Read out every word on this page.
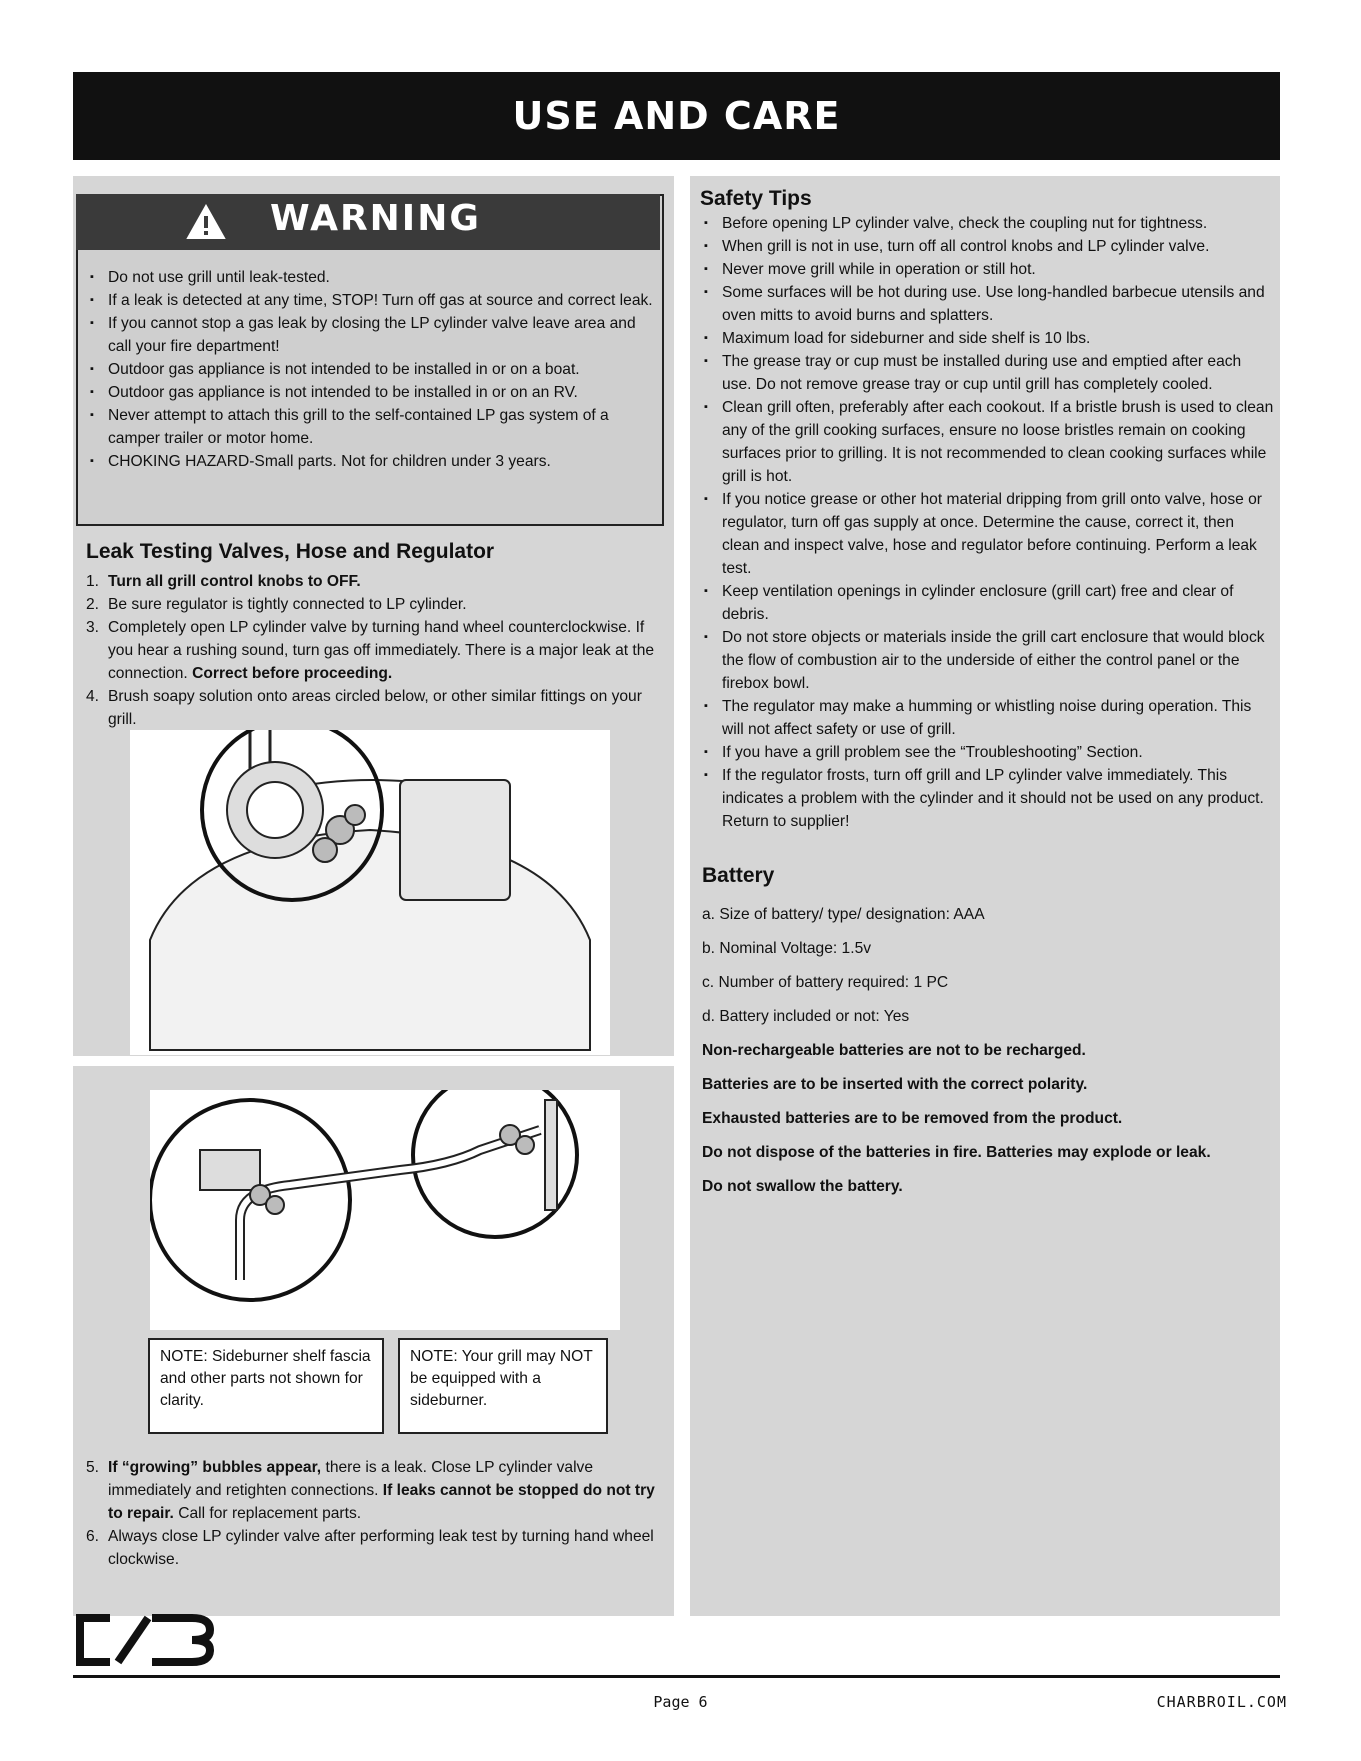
USE AND CARE
WARNING
▪ Do not use grill until leak-tested.
▪ If a leak is detected at any time, STOP! Turn off gas at source and correct leak.
▪ If you cannot stop a gas leak by closing the LP cylinder valve leave area and call your fire department!
▪ Outdoor gas appliance is not intended to be installed in or on a boat.
▪ Outdoor gas appliance is not intended to be installed in or on an RV.
▪ Never attempt to attach this grill to the self-contained LP gas system of a camper trailer or motor home.
▪ CHOKING HAZARD-Small parts. Not for children under 3 years.
Leak Testing Valves, Hose and Regulator
1. Turn all grill control knobs to OFF.
2. Be sure regulator is tightly connected to LP cylinder.
3. Completely open LP cylinder valve by turning hand wheel counterclockwise. If you hear a rushing sound, turn gas off immediately. There is a major leak at the connection. Correct before proceeding.
4. Brush soapy solution onto areas circled below, or other similar fittings on your grill.
NOTE: Sideburner shelf fascia and other parts not shown for clarity.
NOTE: Your grill may NOT be equipped with a sideburner.
5. If “growing” bubbles appear, there is a leak. Close LP cylinder valve immediately and retighten connections. If leaks cannot be stopped do not try to repair. Call for replacement parts.
6. Always close LP cylinder valve after performing leak test by turning hand wheel clockwise.
Safety Tips
▪ Before opening LP cylinder valve, check the coupling nut for tightness.
▪ When grill is not in use, turn off all control knobs and LP cylinder valve.
▪ Never move grill while in operation or still hot.
▪ Some surfaces will be hot during use. Use long-handled barbecue utensils and oven mitts to avoid burns and splatters.
▪ Maximum load for sideburner and side shelf is 10 lbs.
▪ The grease tray or cup must be installed during use and emptied after each use. Do not remove grease tray or cup until grill has completely cooled.
▪ Clean grill often, preferably after each cookout. If a bristle brush is used to clean any of the grill cooking surfaces, ensure no loose bristles remain on cooking surfaces prior to grilling. It is not recommended to clean cooking surfaces while grill is hot.
▪ If you notice grease or other hot material dripping from grill onto valve, hose or regulator, turn off gas supply at once. Determine the cause, correct it, then clean and inspect valve, hose and regulator before continuing. Perform a leak test.
▪ Keep ventilation openings in cylinder enclosure (grill cart) free and clear of debris.
▪ Do not store objects or materials inside the grill cart enclosure that would block the flow of combustion air to the underside of either the control panel or the firebox bowl.
▪ The regulator may make a humming or whistling noise during operation. This will not affect safety or use of grill.
▪ If you have a grill problem see the “Troubleshooting” Section.
▪ If the regulator frosts, turn off grill and LP cylinder valve immediately. This indicates a problem with the cylinder and it should not be used on any product. Return to supplier!
Battery

a. Size of battery/ type/ designation: AAA

b. Nominal Voltage: 1.5v

c. Number of battery required: 1 PC

d. Battery included or not: Yes

Non-rechargeable batteries are not to be recharged.

Batteries are to be inserted with the correct polarity.

Exhausted batteries are to be removed from the product.

Do not dispose of the batteries in fire. Batteries may explode or leak.

Do not swallow the battery.

Page 6	CHARBROIL.COM
